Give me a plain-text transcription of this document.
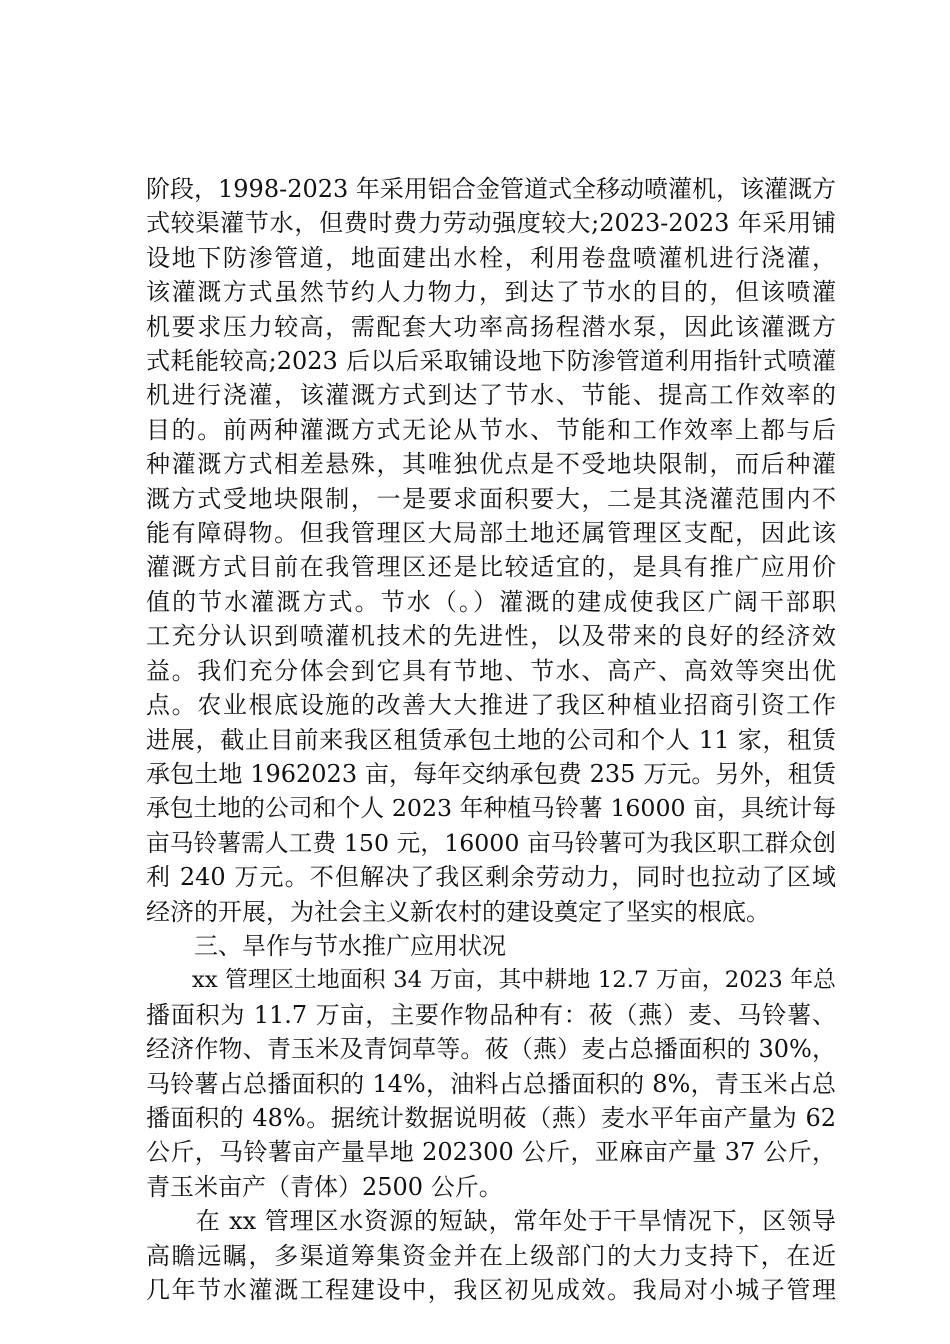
阶段，1998-2023 年采用铝合金管道式全移动喷灌机，该灌溉方
式较渠灌节水，但费时费力劳动强度较大;2023-2023 年采用铺
设地下防渗管道，地面建出水栓，利用卷盘喷灌机进行浇灌，
该灌溉方式虽然节约人力物力，到达了节水的目的，但该喷灌
机要求压力较高，需配套大功率高扬程潜水泵，因此该灌溉方
式耗能较高;2023 后以后采取铺设地下防渗管道利用指针式喷灌
机进行浇灌，该灌溉方式到达了节水、节能、提高工作效率的
目的。前两种灌溉方式无论从节水、节能和工作效率上都与后
种灌溉方式相差悬殊，其唯独优点是不受地块限制，而后种灌
溉方式受地块限制，一是要求面积要大，二是其浇灌范围内不
能有障碍物。但我管理区大局部土地还属管理区支配，因此该
灌溉方式目前在我管理区还是比较适宜的，是具有推广应用价
值的节水灌溉方式。节水（。）灌溉的建成使我区广阔干部职
工充分认识到喷灌机技术的先进性，以及带来的良好的经济效
益。我们充分体会到它具有节地、节水、高产、高效等突出优
点。农业根底设施的改善大大推进了我区种植业招商引资工作
进展，截止目前来我区租赁承包土地的公司和个人 11 家，租赁
承包土地 1962023 亩，每年交纳承包费 235 万元。另外，租赁
承包土地的公司和个人 2023 年种植马铃薯 16000 亩，具统计每
亩马铃薯需人工费 150 元，16000 亩马铃薯可为我区职工群众创
利 240 万元。不但解决了我区剩余劳动力，同时也拉动了区域
经济的开展，为社会主义新农村的建设奠定了坚实的根底。
　　三、旱作与节水推广应用状况
　　xx 管理区土地面积 34 万亩，其中耕地 12.7 万亩，2023 年总
播面积为 11.7 万亩，主要作物品种有：莜（燕）麦、马铃薯、
经济作物、青玉米及青饲草等。莜（燕）麦占总播面积的 30%，
马铃薯占总播面积的 14%，油料占总播面积的 8%，青玉米占总
播面积的 48%。据统计数据说明莜（燕）麦水平年亩产量为 62
公斤，马铃薯亩产量旱地 202300 公斤，亚麻亩产量 37 公斤，
青玉米亩产（青体）2500 公斤。
　　在 xx 管理区水资源的短缺，常年处于干旱情况下，区领导
高瞻远瞩，多渠道筹集资金并在上级部门的大力支持下，在近
几年节水灌溉工程建设中，我区初见成效。我局对小城子管理
